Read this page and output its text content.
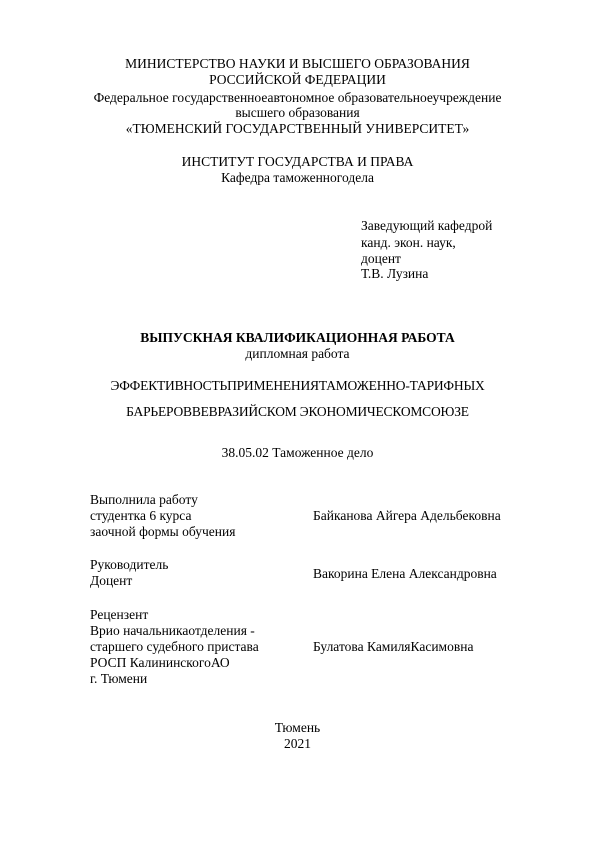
МИНИСТЕРСТВО НАУКИ И ВЫСШЕГО ОБРАЗОВАНИЯ
РОССИЙСКОЙ ФЕДЕРАЦИИ
Федеральное государственноеавтономное образовательноеучреждение
высшего образования
«ТЮМЕНСКИЙ ГОСУДАРСТВЕННЫЙ УНИВЕРСИТЕТ»
ИНСТИТУТ ГОСУДАРСТВА И ПРАВА
Кафедра таможенногодела
Заведующий кафедрой
канд. экон. наук,
доцент
Т.В. Лузина
ВЫПУСКНАЯ КВАЛИФИКАЦИОННАЯ РАБОТА
дипломная работа
ЭФФЕКТИВНОСТЬПРИМЕНЕНИЯТАМОЖЕННО-ТАРИФНЫХ
БАРЬЕРОВВЕВРАЗИЙСКОМ ЭКОНОМИЧЕСКОМСОЮЗЕ
38.05.02 Таможенное дело
Выполнила работу
студентка 6 курса
заочной формы обучения
Байканова Айгера Адельбековна
Руководитель
Доцент	Вакорина Елена Александровна
Рецензент
Врио начальникаотделения -
старшего судебного пристава
РОСП КалининскогоАО
г. Тюмени
Булатова КамиляКасимовна
Тюмень
2021
